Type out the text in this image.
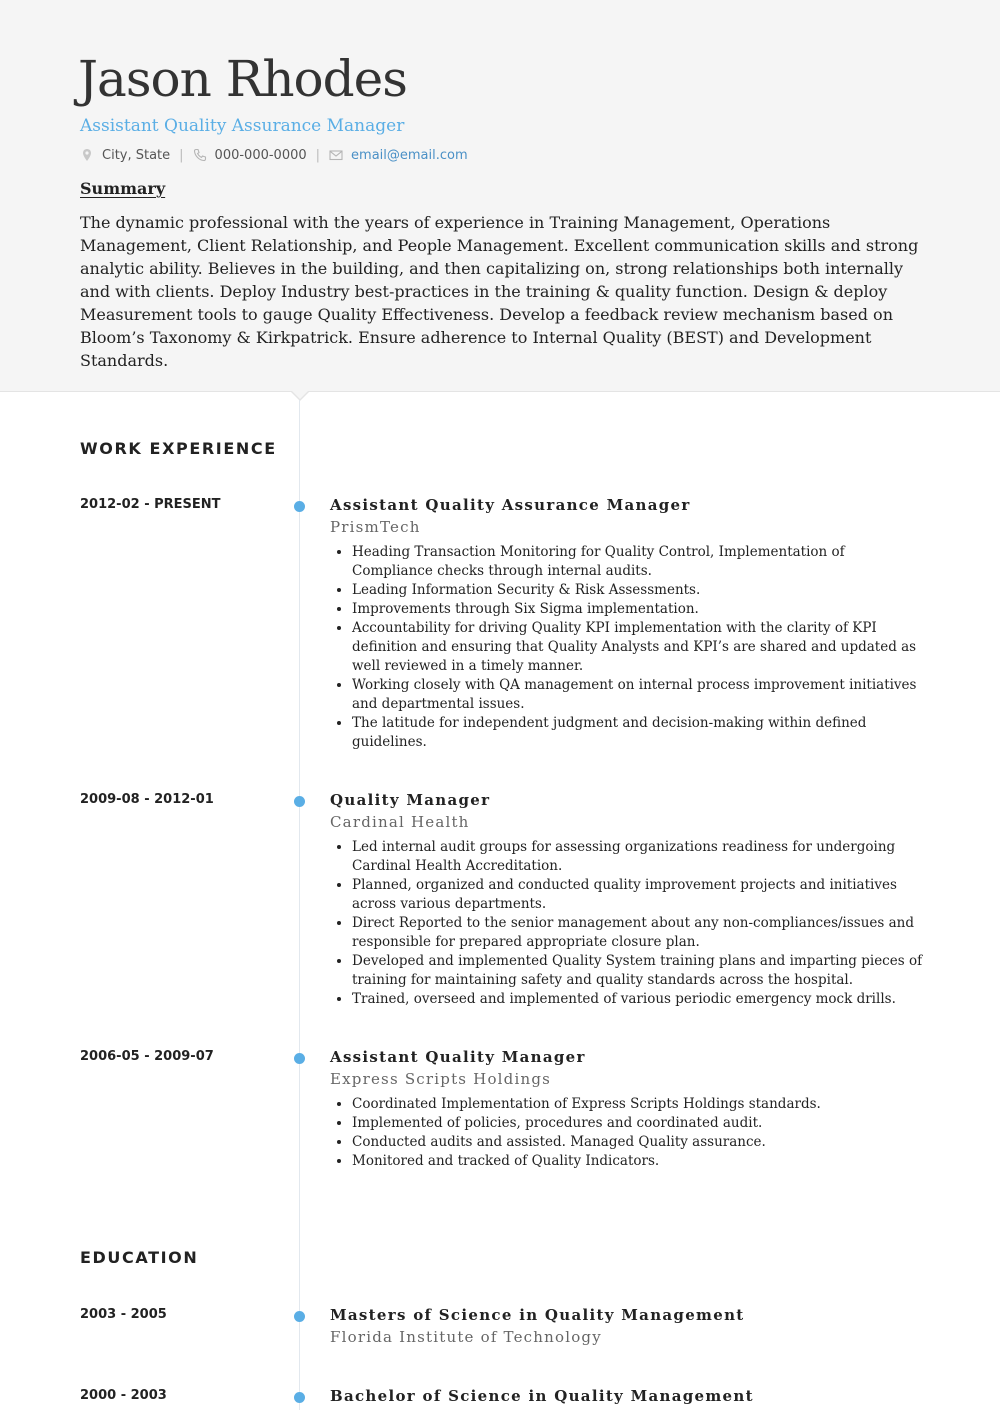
Jason Rhodes
Assistant Quality Assurance Manager
City, State | 000-000-0000 | email@email.com
Summary
The dynamic professional with the years of experience in Training Management, Operations Management, Client Relationship, and People Management. Excellent communication skills and strong analytic ability. Believes in the building, and then capitalizing on, strong relationships both internally and with clients. Deploy Industry best-practices in the training & quality function. Design & deploy Measurement tools to gauge Quality Effectiveness. Develop a feedback review mechanism based on Bloom’s Taxonomy & Kirkpatrick. Ensure adherence to Internal Quality (BEST) and Development Standards.
WORK EXPERIENCE
2012-02 - PRESENT	Assistant Quality Assurance Manager
PrismTech
• Heading Transaction Monitoring for Quality Control, Implementation of Compliance checks through internal audits.
• Leading Information Security & Risk Assessments.
• Improvements through Six Sigma implementation.
• Accountability for driving Quality KPI implementation with the clarity of KPI definition and ensuring that Quality Analysts and KPI’s are shared and updated as well reviewed in a timely manner.
• Working closely with QA management on internal process improvement initiatives and departmental issues.
• The latitude for independent judgment and decision-making within defined guidelines.
2009-08 - 2012-01	Quality Manager
Cardinal Health
• Led internal audit groups for assessing organizations readiness for undergoing Cardinal Health Accreditation.
• Planned, organized and conducted quality improvement projects and initiatives across various departments.
• Direct Reported to the senior management about any non-compliances/issues and responsible for prepared appropriate closure plan.
• Developed and implemented Quality System training plans and imparting pieces of training for maintaining safety and quality standards across the hospital.
• Trained, overseed and implemented of various periodic emergency mock drills.
2006-05 - 2009-07	Assistant Quality Manager
Express Scripts Holdings
• Coordinated Implementation of Express Scripts Holdings standards.
• Implemented of policies, procedures and coordinated audit.
• Conducted audits and assisted. Managed Quality assurance.
• Monitored and tracked of Quality Indicators.
EDUCATION
2003 - 2005	Masters of Science in Quality Management
Florida Institute of Technology
2000 - 2003	Bachelor of Science in Quality Management
